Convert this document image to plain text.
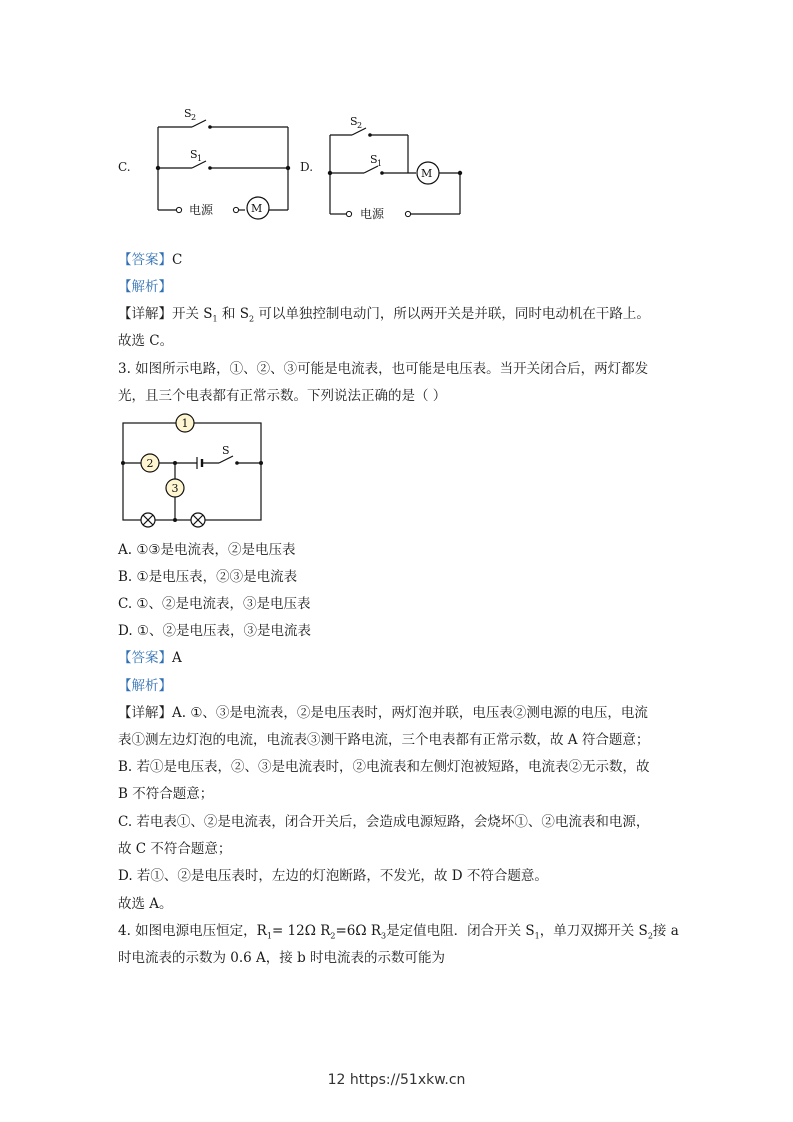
C.
S 2
S 1
电源	M
D.
S 2
S 1
电源
M
【答案】C
【解析】
【详解】开关 $S_1$ 和 $S_2$ 可以单独控制电动门，所以两开关是并联，同时电动机在干路上。
故选 C。
3. 如图所示电路，①、②、③可能是电流表，也可能是电压表。当开关闭合后，两灯都发
光，且三个电表都有正常示数。下列说法正确的是（ ）
1
2
3
S
A. ①③是电流表，②是电压表
B. ①是电压表，②③是电流表
C. ①、②是电流表，③是电压表
D. ①、②是电压表，③是电流表
【答案】A
【解析】
【详解】A. ①、③是电流表，②是电压表时，两灯泡并联，电压表②测电源的电压，电流
表①测左边灯泡的电流，电流表③测干路电流，三个电表都有正常示数，故 A 符合题意；
B. 若①是电压表，②、③是电流表时，②电流表和左侧灯泡被短路，电流表②无示数，故
B 不符合题意；
C. 若电表①、②是电流表，闭合开关后，会造成电源短路，会烧坏①、②电流表和电源，
故 C 不符合题意；
D. 若①、②是电压表时，左边的灯泡断路，不发光，故 D 不符合题意。
故选 A。
4. 如图电源电压恒定，$R_1= 12\Omega$ $R_2=6\Omega$ $R_3$是定值电阻．闭合开关 $S_1$，单刀双掷开关 $S_2$接 a
时电流表的示数为 0.6 A，接 b 时电流表的示数可能为
12 https://51xkw.cn
